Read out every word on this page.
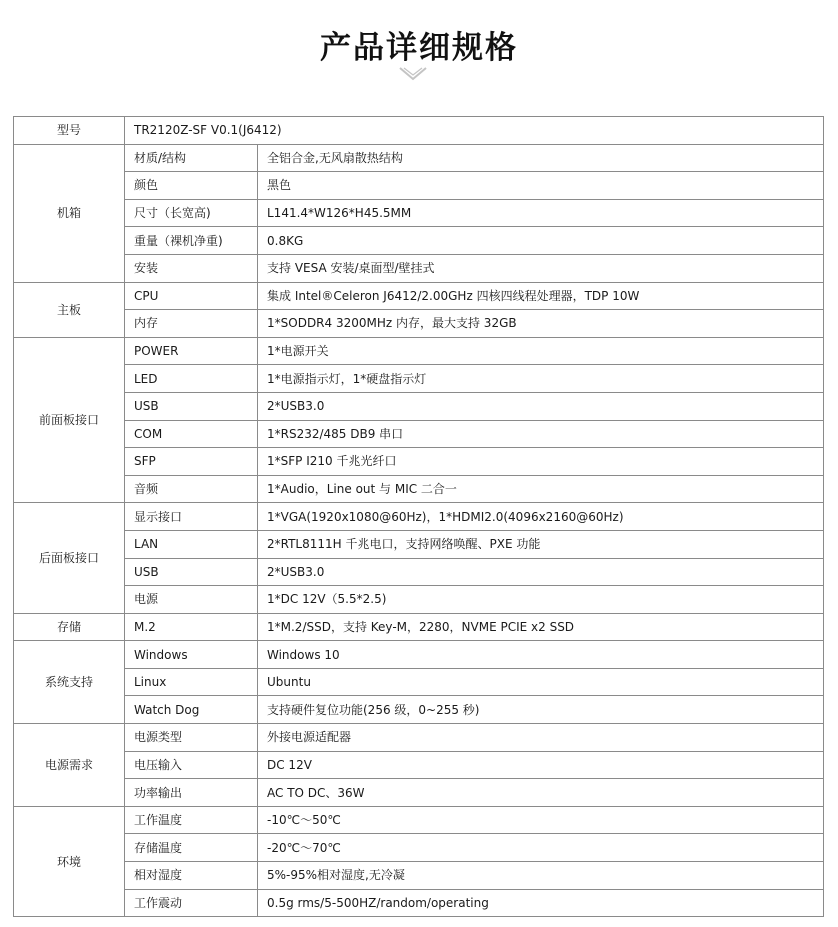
产品详细规格
型号	TR2120Z-SF V0.1(J6412)	
机箱	材质/结构	全铝合金,无风扇散热结构
	颜色	黑色
	尺寸（长宽高)	L141.4*W126*H45.5MM
	重量（裸机净重)	0.8KG
	安装	支持 VESA 安装/桌面型/壁挂式
主板	CPU	集成 Intel®Celeron J6412/2.00GHz 四核四线程处理器，TDP 10W
	内存	1*SODDR4 3200MHz 内存，最大支持 32GB
前面板接口	POWER	1*电源开关
	LED	1*电源指示灯，1*硬盘指示灯
	USB	2*USB3.0
	COM	1*RS232/485 DB9 串口
	SFP	1*SFP I210 千兆光纤口
	音频	1*Audio，Line out 与 MIC 二合一
后面板接口	显示接口	1*VGA(1920x1080@60Hz)，1*HDMI2.0(4096x2160@60Hz)
	LAN	2*RTL8111H 千兆电口，支持网络唤醒、PXE 功能
	USB	2*USB3.0
	电源	1*DC 12V（5.5*2.5)
存储	M.2	1*M.2/SSD，支持 Key-M，2280，NVME PCIE x2 SSD
系统支持	Windows	Windows 10
	Linux	Ubuntu
	Watch Dog	支持硬件复位功能(256 级，0~255 秒)
电源需求	电源类型	外接电源适配器
	电压输入	DC 12V
	功率输出	AC TO DC、36W
环境	工作温度	-10℃～50℃
	存储温度	-20℃～70℃
	相对湿度	5%-95%相对湿度,无冷凝
	工作震动	0.5g rms/5-500HZ/random/operating
